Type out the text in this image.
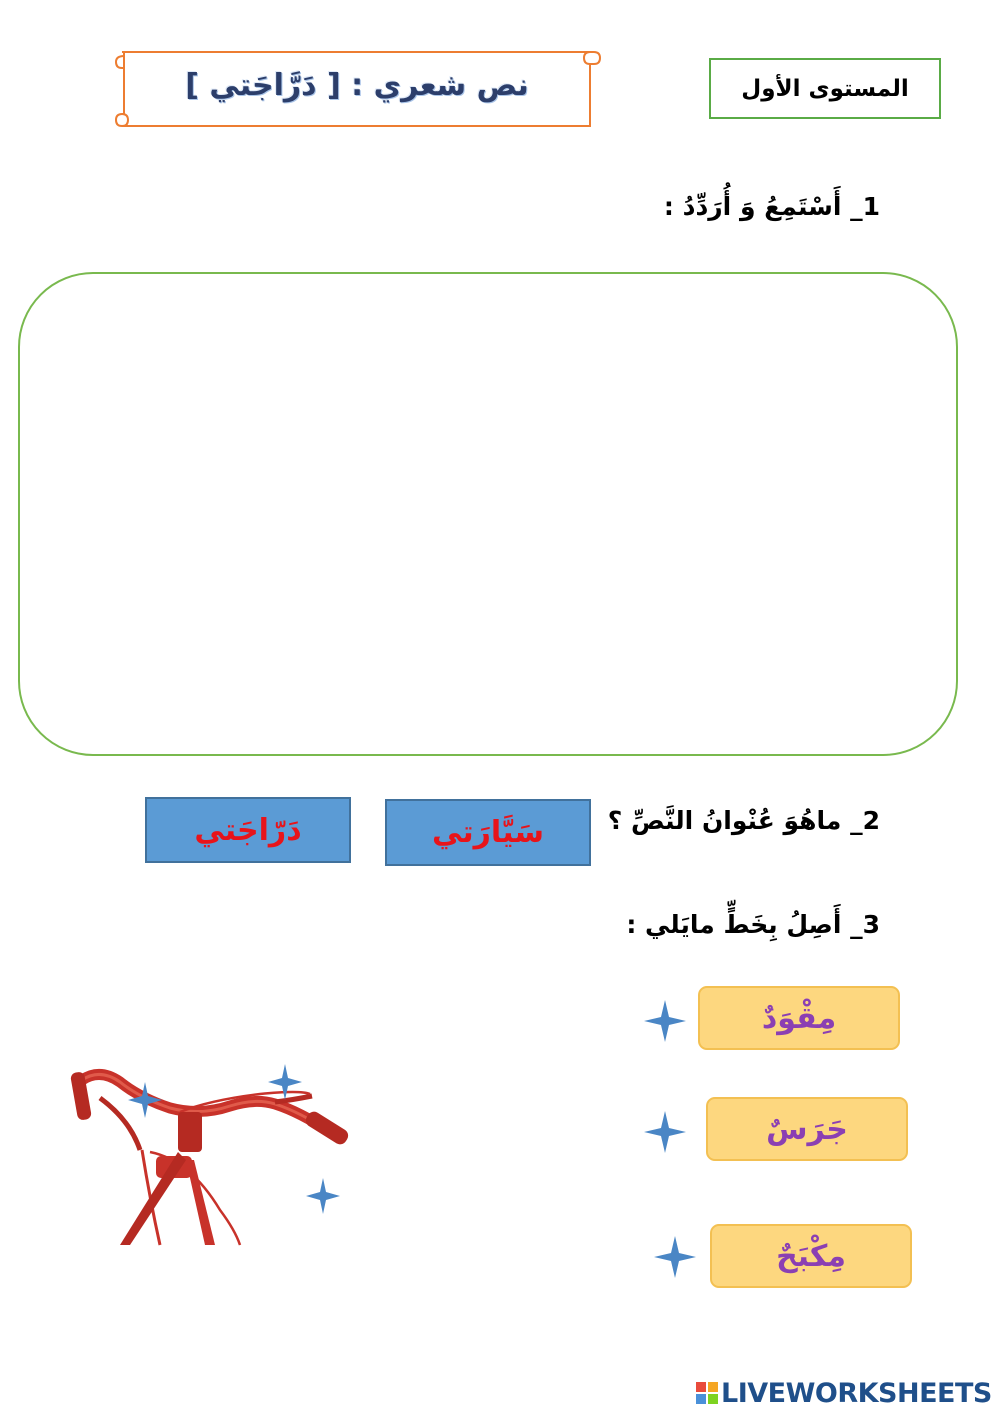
نص شعري : [ دَرَّاجَتي ]	المستوى الأول
1_ أَسْتَمِعُ وَ أُرَدِّدُ :
2_ ماهُوَ عُنْوانُ النَّصِّ ؟
سَيَّارَتي
دَرّاجَتي
3_ أَصِلُ بِخَطٍّ مايَلي :
مِقْوَدٌ
جَرَسٌ
مِكْبَحٌ
LIVEWORKSHEETS
